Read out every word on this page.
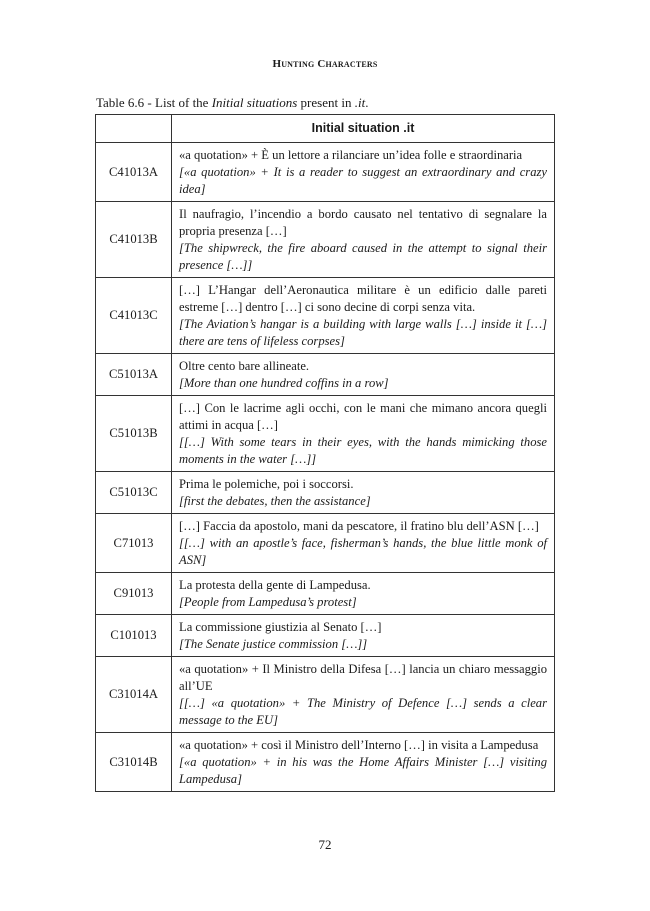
Hunting Characters
Table 6.6 - List of the Initial situations present in .it.
	Initial situation .it
C41013A	«a quotation» + È un lettore a rilanciare un’idea folle e straordinaria
[«a quotation» + It is a reader to suggest an extraordinary and crazy idea]

C41013B	Il naufragio, l’incendio a bordo causato nel tentativo di segnalare la propria presenza […]
[The shipwreck, the fire aboard caused in the attempt to signal their presence […]]

C41013C	[…] L’Hangar dell’Aeronautica militare è un edificio dalle pareti estreme […] dentro […] ci sono decine di corpi senza vita.
[The Aviation’s hangar is a building with large walls […] inside it […] there are tens of lifeless corpses]

C51013A	Oltre cento bare allineate.
[More than one hundred coffins in a row]

C51013B	[…] Con le lacrime agli occhi, con le mani che mimano ancora quegli attimi in acqua […]
[[…] With some tears in their eyes, with the hands mimicking those moments in the water […]]

C51013C	Prima le polemiche, poi i soccorsi.
[first the debates, then the assistance]

C71013	[…] Faccia da apostolo, mani da pescatore, il fratino blu dell’ASN […]
[[…] with an apostle’s face, fisherman’s hands, the blue little monk of ASN]

C91013	La protesta della gente di Lampedusa.
[People from Lampedusa’s protest]

C101013	La commissione giustizia al Senato […]
[The Senate justice commission […]]

C31014A	«a quotation» + Il Ministro della Difesa […] lancia un chiaro messaggio all’UE
[[…] «a quotation» + The Ministry of Defence […] sends a clear message to the EU]

C31014B	«a quotation» + così il Ministro dell’Interno […] in visita a Lampedusa
[«a quotation» + in his was the Home Affairs Minister […] visiting Lampedusa]
72
